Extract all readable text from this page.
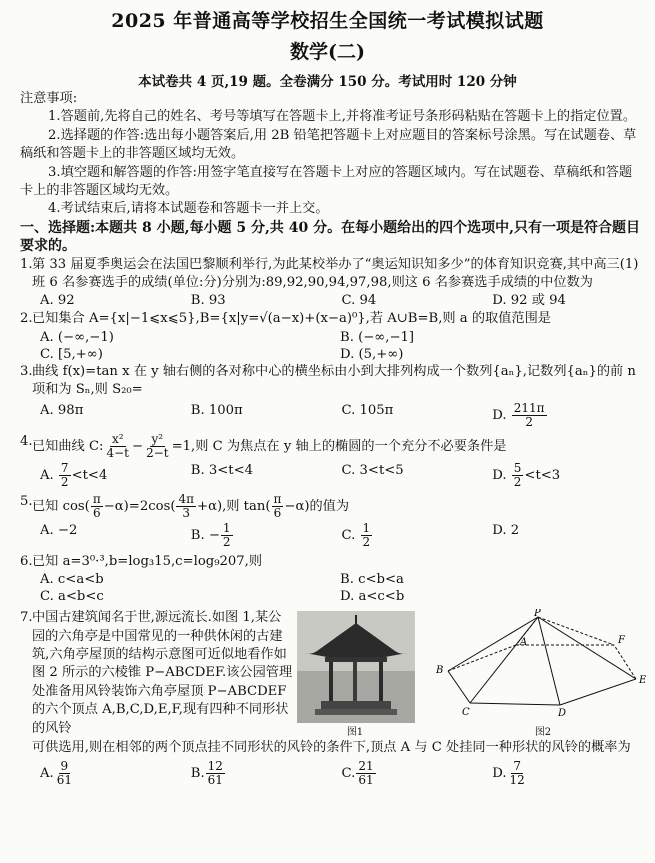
2025 年普通高等学校招生全国统一考试模拟试题
数学(二)
本试卷共 4 页,19 题。全卷满分 150 分。考试用时 120 分钟

注意事项:

1.答题前,先将自己的姓名、考号等填写在答题卡上,并将准考证号条形码粘贴在答题卡上的指定位置。

2.选择题的作答:选出每小题答案后,用 2B 铅笔把答题卡上对应题目的答案标号涂黑。写在试题卷、草稿纸和答题卡上的非答题区域均无效。

3.填空题和解答题的作答:用签字笔直接写在答题卡上对应的答题区域内。写在试题卷、草稿纸和答题卡上的非答题区域均无效。

4.考试结束后,请将本试题卷和答题卡一并上交。

一、选择题:本题共 8 小题,每小题 5 分,共 40 分。在每小题给出的四个选项中,只有一项是符合题目要求的。

1. 第 33 届夏季奥运会在法国巴黎顺利举行,为此某校举办了“奥运知识知多少”的体育知识竞赛,其中高三(1)班 6 名参赛选手的成绩(单位:分)分别为:89,92,90,94,97,98,则这 6 名参赛选手成绩的中位数为

A. 92	B. 93	C. 94	D. 92 或 94

2. 已知集合 A={x|−1⩽x⩽5},B={x|y=√(a−x)+(x−a)⁰},若 A∪B=B,则 a 的取值范围是

A. (−∞,−1)	B. (−∞,−1]
C. [5,+∞)	D. (5,+∞)

3. 曲线 f(x)=tan x 在 y 轴右侧的各对称中心的横坐标由小到大排列构成一个数列{aₙ},记数列{aₙ}的前 n 项和为 Sₙ,则 S₂₀=

A. 98π	B. 100π	C. 105π	D. $\frac{211\pi}{2}$

4. 已知曲线 C: $\frac{\text{x²}}{4-t} - \frac{\text{y²}}{2-t} =1$,则 C 为焦点在 y 轴上的椭圆的一个充分不必要条件是

A. $\frac{7}{2} <t<4$	B. 3<t<4	C. 3<t<5	D. $\frac{5}{2} <t<3$

5. 已知 $\cos( \frac{\pi}{6} -\alpha)=2\cos( \frac{4\pi}{3} +\alpha)$,则 $\tan( \frac{\pi}{6} -\alpha)$的值为

A. −2	B. − $\frac{1}{2}$	C. $\frac{1}{2}$	D. 2

6. 已知 a=3⁰·³,b=log₃15,c=log₉207,则

A. c<a<b	B. c<b<a
C. a<b<c	D. a<c<b

7. 中国古建筑闻名于世,源远流长.如图 1,某公园的六角亭是中国常见的一种供休闲的古建筑,六角亭屋顶的结构示意图可近似地看作如图 2 所示的六棱锥 P−ABCDEF.该公园管理处准备用风铃装饰六角亭屋顶 P−ABCDEF 的六个顶点 A,B,C,D,E,F,现有四种不同形状的风铃

P
A
B
C	D
E
F
图1	图2

可供选用,则在相邻的两个顶点挂不同形状的风铃的条件下,顶点 A 与 C 处挂同一种形状的风铃的概率为

A. $\frac{9}{61}$	B. $\frac{12}{61}$	C. $\frac{21}{61}$	D. $\frac{7}{12}$
